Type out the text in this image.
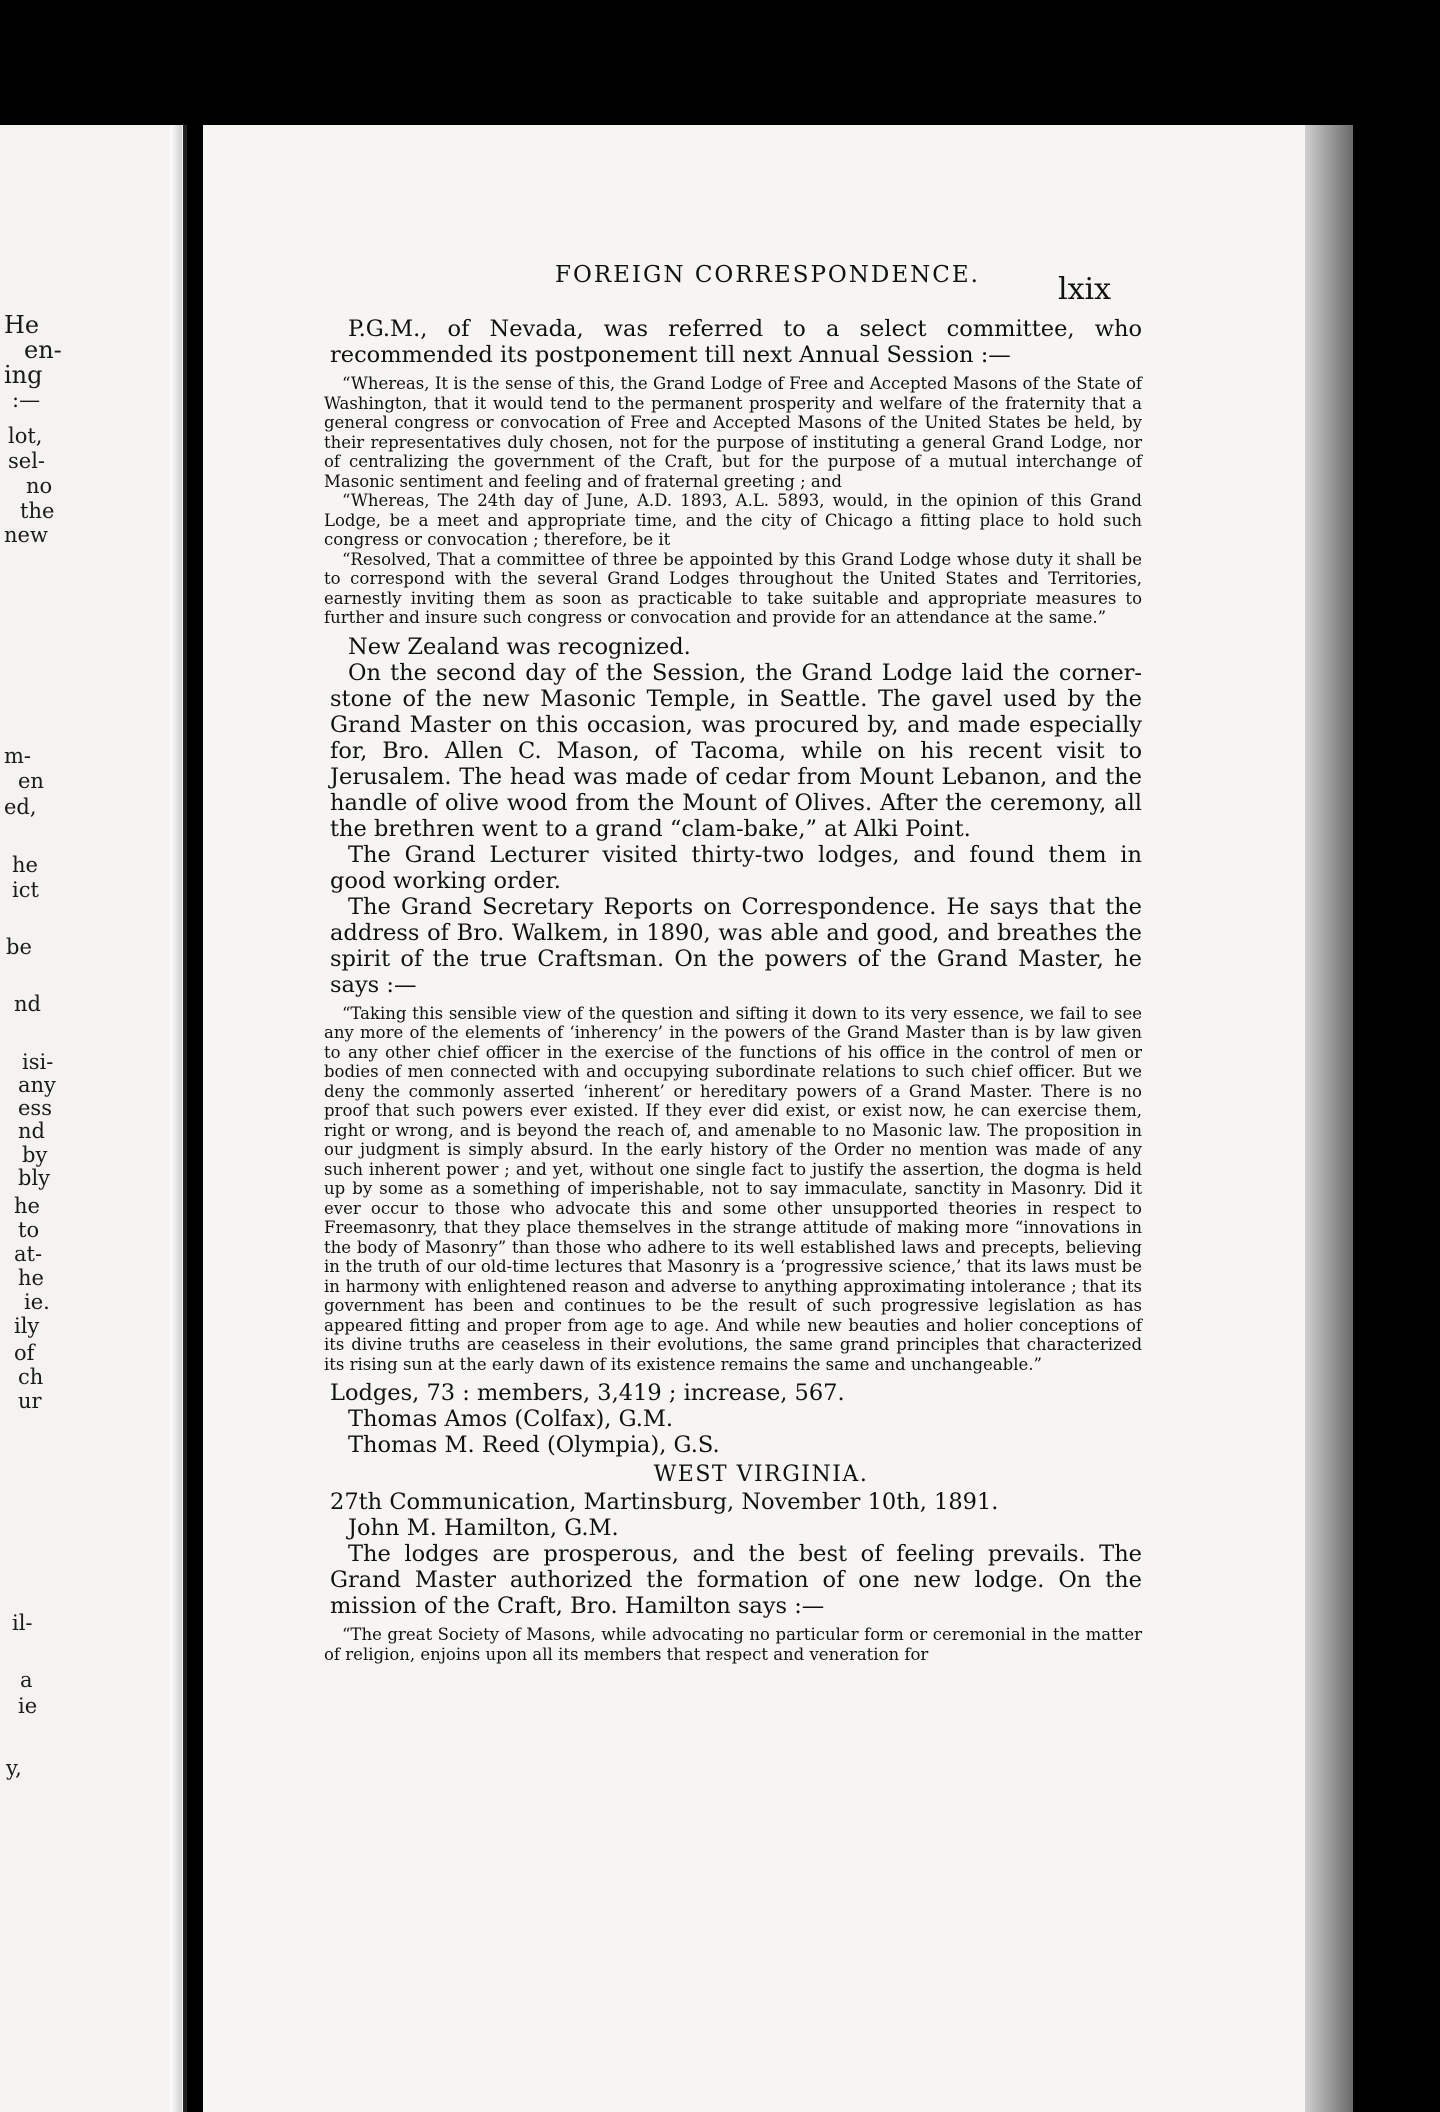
He
en-
ing
:—
lot,
sel-
no
the
new
m-
en
ed,
he
ict
be
nd
isi-
any
ess
nd
by
bly
he
to
at-
he
ie.
ily
of
ch
ur
il-
a
ie
y,
FOREIGN CORRESPONDENCE.	lxix

P.G.M., of Nevada, was referred to a select committee, who recommended its postponement till next Annual Session :—

“Whereas, It is the sense of this, the Grand Lodge of Free and Accepted Masons of the State of Washington, that it would tend to the permanent prosperity and welfare of the fraternity that a general congress or convocation of Free and Accepted Masons of the United States be held, by their representatives duly chosen, not for the purpose of instituting a general Grand Lodge, nor of centralizing the government of the Craft, but for the purpose of a mutual interchange of Masonic sentiment and feeling and of fraternal greeting ; and

“Whereas, The 24th day of June, A.D. 1893, A.L. 5893, would, in the opinion of this Grand Lodge, be a meet and appropriate time, and the city of Chicago a fitting place to hold such congress or convocation ; therefore, be it

“Resolved, That a committee of three be appointed by this Grand Lodge whose duty it shall be to correspond with the several Grand Lodges throughout the United States and Territories, earnestly inviting them as soon as practicable to take suitable and appropriate measures to further and insure such congress or convocation and provide for an attendance at the same.”

New Zealand was recognized.

On the second day of the Session, the Grand Lodge laid the corner-stone of the new Masonic Temple, in Seattle. The gavel used by the Grand Master on this occasion, was procured by, and made especially for, Bro. Allen C. Mason, of Tacoma, while on his recent visit to Jerusalem. The head was made of cedar from Mount Lebanon, and the handle of olive wood from the Mount of Olives. After the ceremony, all the brethren went to a grand “clam-bake,” at Alki Point.

The Grand Lecturer visited thirty-two lodges, and found them in good working order.

The Grand Secretary Reports on Correspondence. He says that the address of Bro. Walkem, in 1890, was able and good, and breathes the spirit of the true Craftsman. On the powers of the Grand Master, he says :—

“Taking this sensible view of the question and sifting it down to its very essence, we fail to see any more of the elements of ‘inherency’ in the powers of the Grand Master than is by law given to any other chief officer in the exercise of the functions of his office in the control of men or bodies of men connected with and occupying subordinate relations to such chief officer. But we deny the commonly asserted ‘inherent’ or hereditary powers of a Grand Master. There is no proof that such powers ever existed. If they ever did exist, or exist now, he can exercise them, right or wrong, and is beyond the reach of, and amenable to no Masonic law. The proposition in our judgment is simply absurd. In the early history of the Order no mention was made of any such inherent power ; and yet, without one single fact to justify the assertion, the dogma is held up by some as a something of imperishable, not to say immaculate, sanctity in Masonry. Did it ever occur to those who advocate this and some other unsupported theories in respect to Freemasonry, that they place themselves in the strange attitude of making more “innovations in the body of Masonry” than those who adhere to its well established laws and precepts, believing in the truth of our old-time lectures that Masonry is a ‘progressive science,’ that its laws must be in harmony with enlightened reason and adverse to anything approximating intolerance ; that its government has been and continues to be the result of such progressive legislation as has appeared fitting and proper from age to age. And while new beauties and holier conceptions of its divine truths are ceaseless in their evolutions, the same grand principles that characterized its rising sun at the early dawn of its existence remains the same and unchangeable.”

Lodges, 73 : members, 3,419 ; increase, 567.
Thomas Amos (Colfax), G.M.
Thomas M. Reed (Olympia), G.S.
WEST VIRGINIA.
27th Communication, Martinsburg, November 10th, 1891.
John M. Hamilton, G.M.

The lodges are prosperous, and the best of feeling prevails. The Grand Master authorized the formation of one new lodge. On the mission of the Craft, Bro. Hamilton says :—

“The great Society of Masons, while advocating no particular form or ceremonial in the matter of religion, enjoins upon all its members that respect and veneration for
